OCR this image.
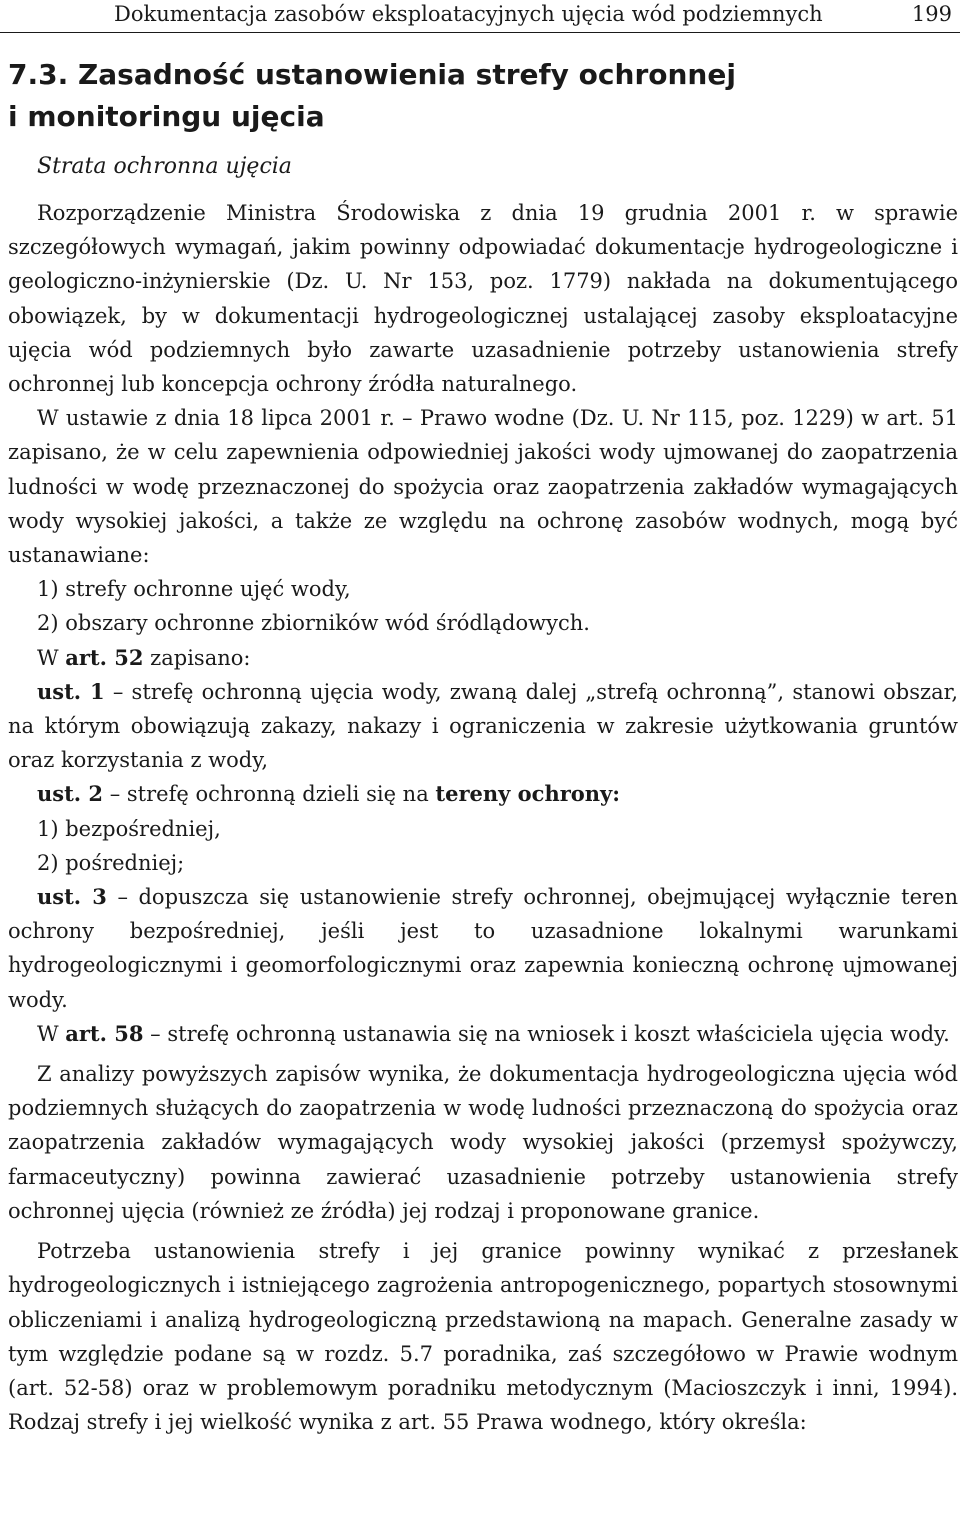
Dokumentacja zasobów eksploatacyjnych ujęcia wód podziemnych	199
7.3. Zasadność ustanowienia strefy ochronnej
i monitoringu ujęcia
Strata ochronna ujęcia

Rozporządzenie Ministra Środowiska z dnia 19 grudnia 2001 r. w sprawie szczegółowych wymagań, jakim powinny odpowiadać dokumentacje hydrogeologiczne i geologiczno-inżynierskie (Dz. U. Nr 153, poz. 1779) nakłada na dokumentującego obowiązek, by w dokumentacji hydrogeologicznej ustalającej zasoby eksploatacyjne ujęcia wód podziemnych było zawarte uzasadnienie potrzeby ustanowienia strefy ochronnej lub koncepcja ochrony źródła naturalnego.

W ustawie z dnia 18 lipca 2001 r. – Prawo wodne (Dz. U. Nr 115, poz. 1229) w art. 51 zapisano, że w celu zapewnienia odpowiedniej jakości wody ujmowanej do zaopatrzenia ludności w wodę przeznaczonej do spożycia oraz zaopatrzenia zakładów wymagających wody wysokiej jakości, a także ze względu na ochronę zasobów wodnych, mogą być ustanawiane:

1) strefy ochronne ujęć wody,

2) obszary ochronne zbiorników wód śródlądowych.

W art. 52 zapisano:

ust. 1 – strefę ochronną ujęcia wody, zwaną dalej „strefą ochronną”, stanowi obszar, na którym obowiązują zakazy, nakazy i ograniczenia w zakresie użytkowania gruntów oraz korzystania z wody,

ust. 2 – strefę ochronną dzieli się na tereny ochrony:

1) bezpośredniej,

2) pośredniej;

ust. 3 – dopuszcza się ustanowienie strefy ochronnej, obejmującej wyłącznie teren ochrony bezpośredniej, jeśli jest to uzasadnione lokalnymi warunkami hydrogeologicznymi i geomorfologicznymi oraz zapewnia konieczną ochronę ujmowanej wody.

W art. 58 – strefę ochronną ustanawia się na wniosek i koszt właściciela ujęcia wody.

Z analizy powyższych zapisów wynika, że dokumentacja hydrogeologiczna ujęcia wód podziemnych służących do zaopatrzenia w wodę ludności przeznaczoną do spożycia oraz zaopatrzenia zakładów wymagających wody wysokiej jakości (przemysł spożywczy, farmaceutyczny) powinna zawierać uzasadnienie potrzeby ustanowienia strefy ochronnej ujęcia (również ze źródła) jej rodzaj i proponowane granice.

Potrzeba ustanowienia strefy i jej granice powinny wynikać z przesłanek hydrogeologicznych i istniejącego zagrożenia antropogenicznego, popartych stosownymi obliczeniami i analizą hydrogeologiczną przedstawioną na mapach. Generalne zasady w tym względzie podane są w rozdz. 5.7 poradnika, zaś szczegółowo w Prawie wodnym (art. 52-58) oraz w problemowym poradniku metodycznym (Macioszczyk i inni, 1994). Rodzaj strefy i jej wielkość wynika z art. 55 Prawa wodnego, który określa:
